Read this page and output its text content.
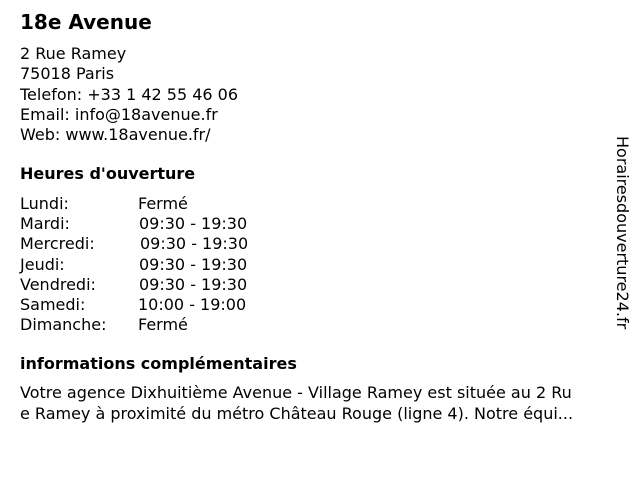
18e Avenue
2 Rue Ramey
75018 Paris
Telefon: +33 1 42 55 46 06
Email: info@18avenue.fr
Web: www.18avenue.fr/
Heures d'ouverture
Lundi:	Fermé
Mardi:	09:30 - 19:30
Mercredi:	09:30 - 19:30
Jeudi:	09:30 - 19:30
Vendredi:	09:30 - 19:30
Samedi:	10:00 - 19:00
Dimanche: Fermé
informations complémentaires
Votre agence Dixhuitième Avenue - Village Ramey est située au 2 Ru
e Ramey à proximité du métro Château Rouge (ligne 4). Notre équi...
Horairesdouverture24.fr
